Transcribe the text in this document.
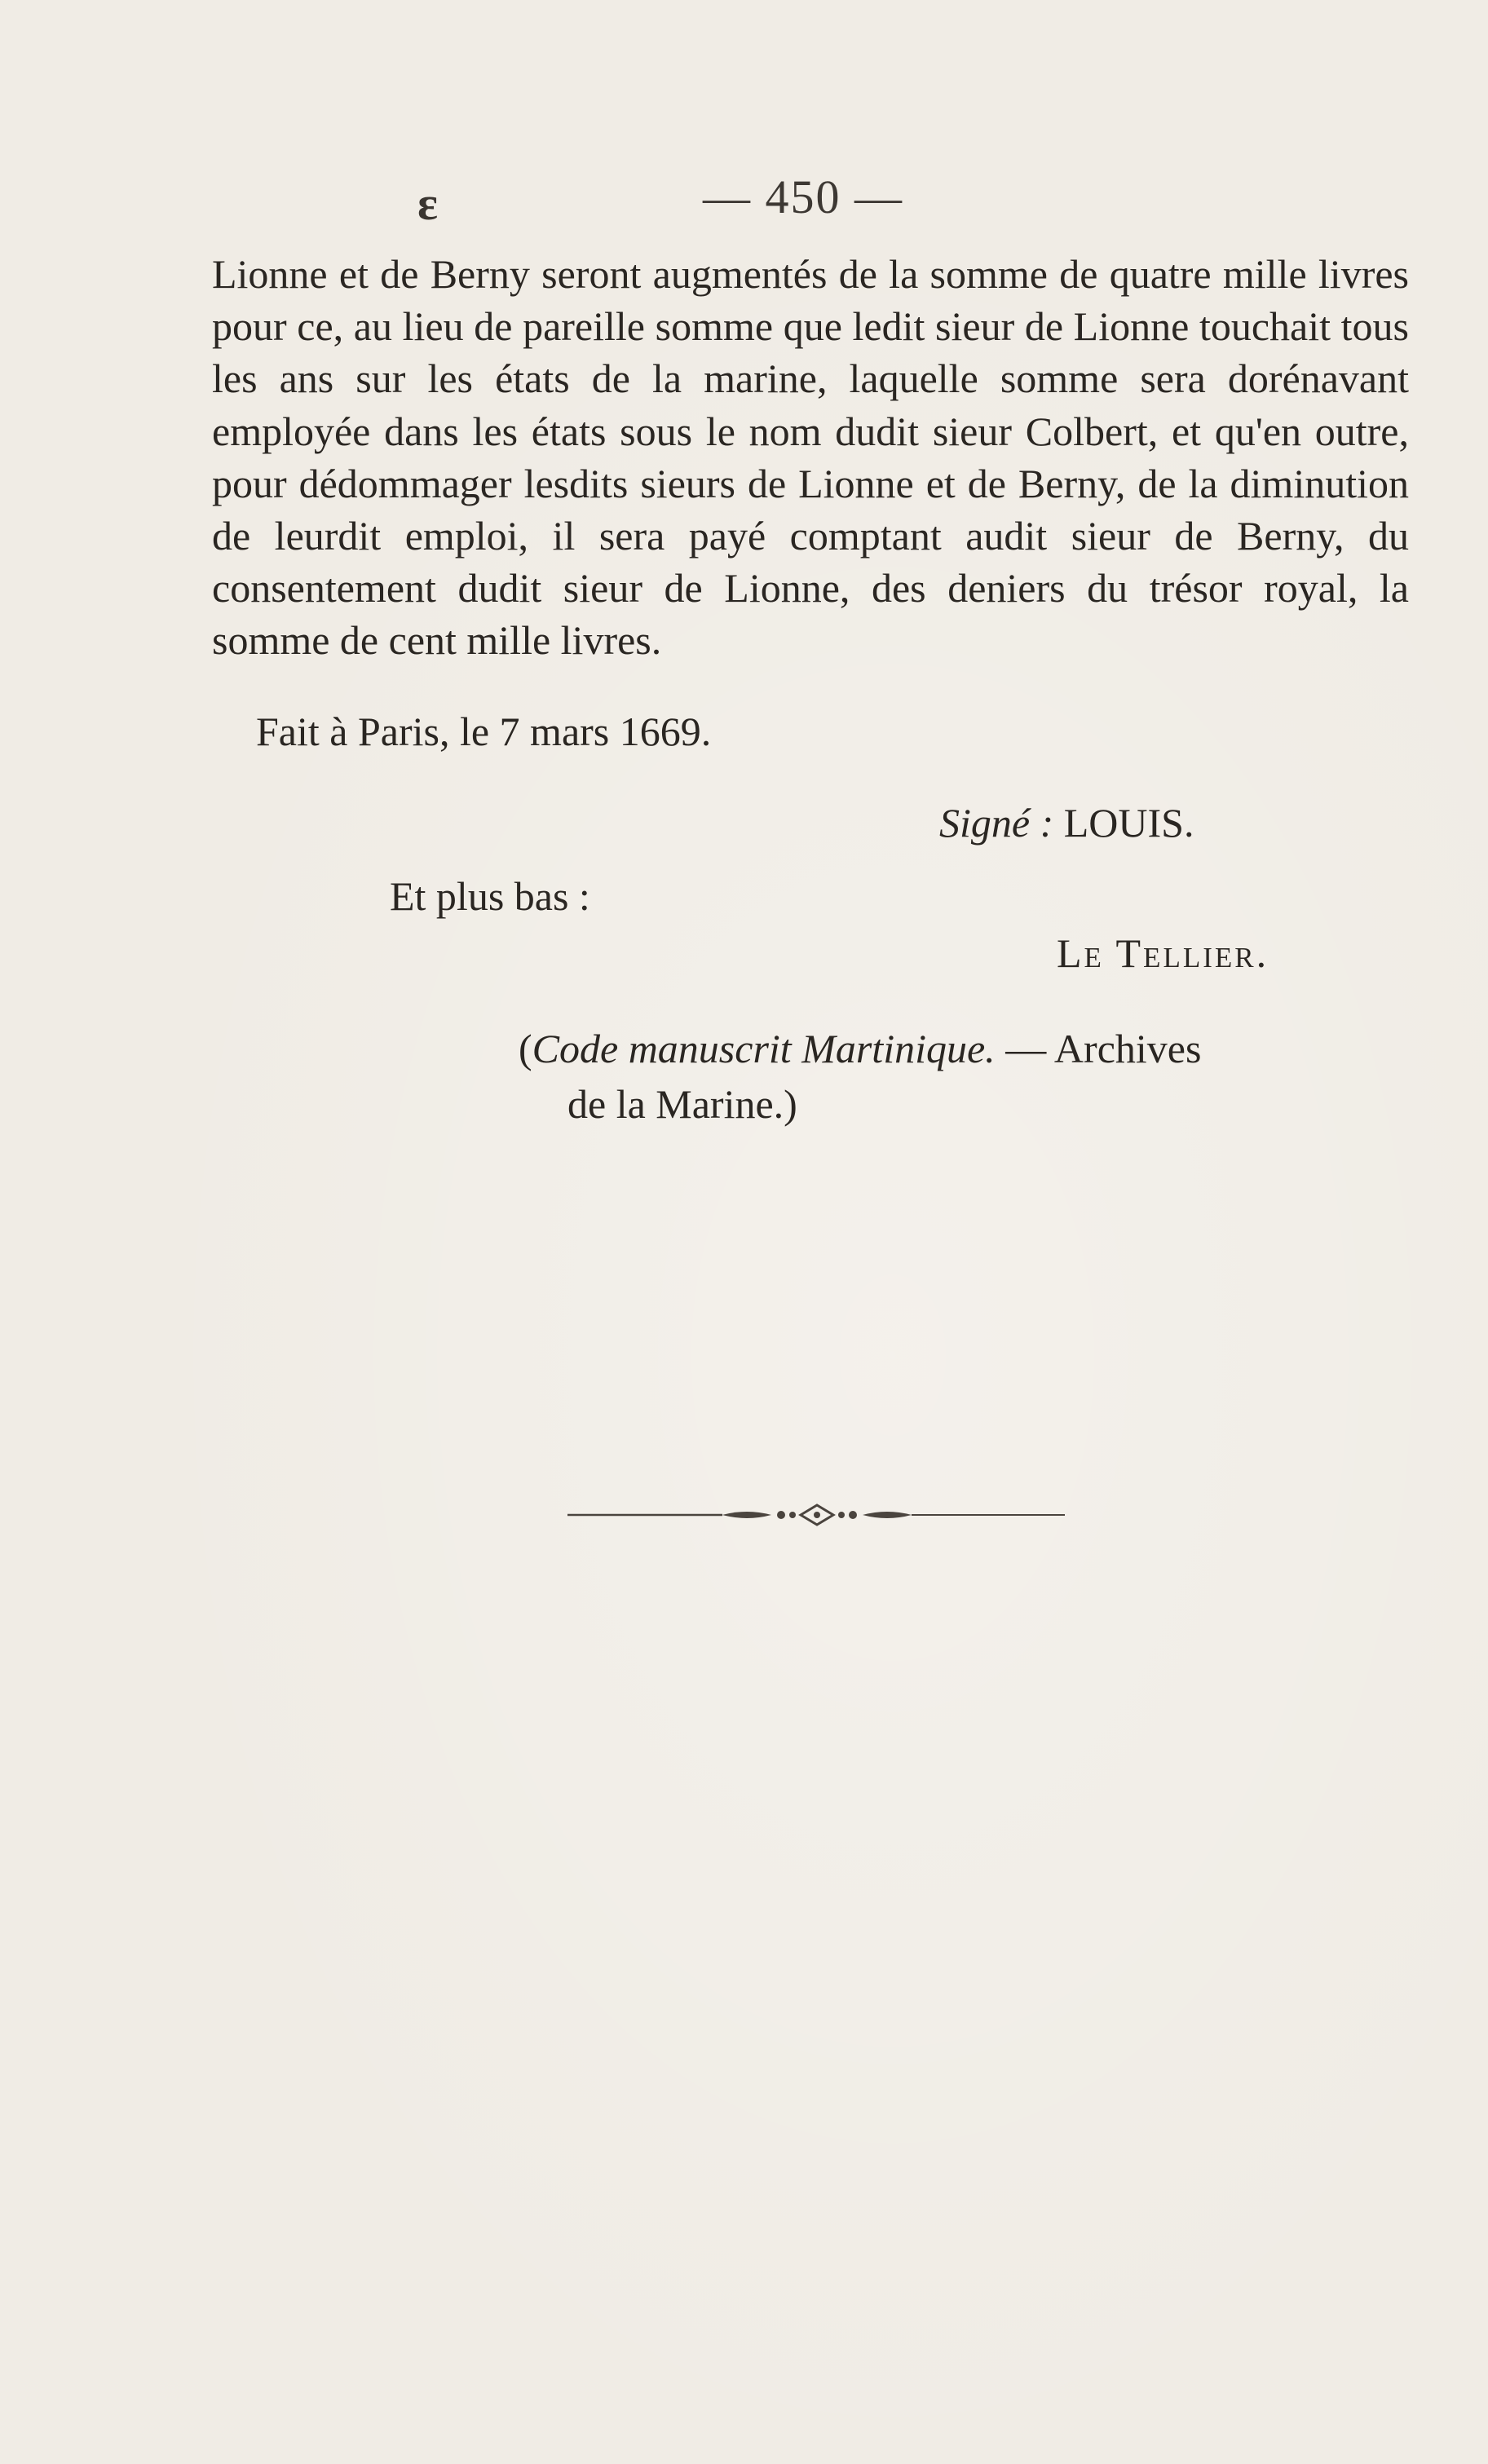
ɛ	— 450 —
Lionne et de Berny seront augmentés de la somme de quatre mille livres pour ce, au lieu de pareille somme que ledit sieur de Lionne touchait tous les ans sur les états de la marine, laquelle somme sera dorénavant employée dans les états sous le nom dudit sieur Colbert, et qu'en outre, pour dédommager lesdits sieurs de Lionne et de Berny, de la diminution de leurdit emploi, il sera payé comptant audit sieur de Berny, du consentement dudit sieur de Lionne, des deniers du trésor royal, la somme de cent mille livres.
Fait à Paris, le 7 mars 1669.
Signé : LOUIS.
Et plus bas :
Le Tellier.
(Code manuscrit Martinique. — Archives
de la Marine.)
